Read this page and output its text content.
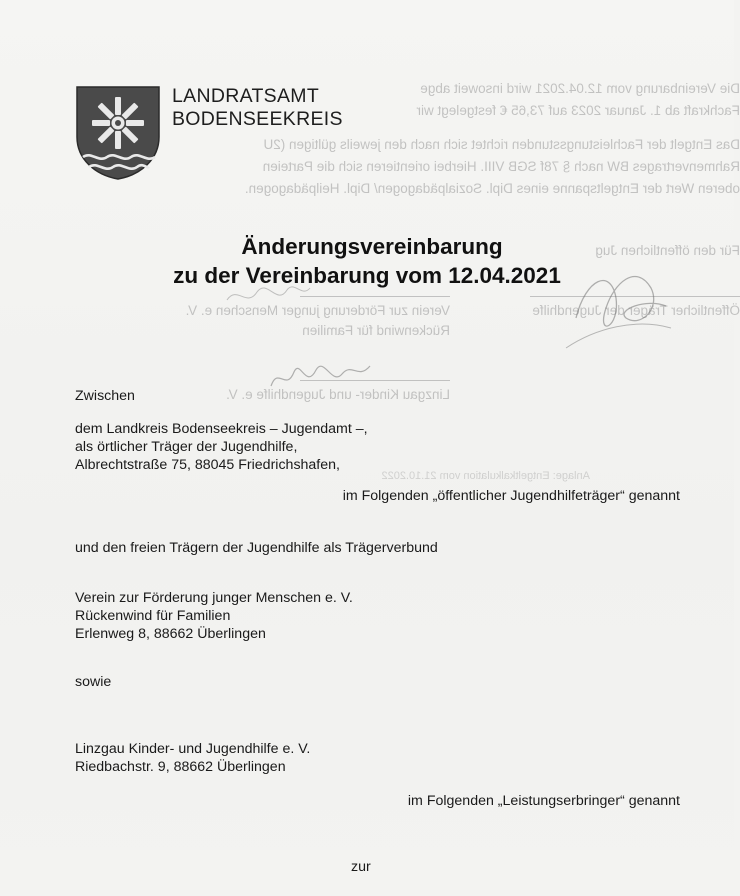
Die Vereinbarung vom 12.04.2021 wird insoweit abge
Fachkraft ab 1. Januar 2023 auf 73,65 € festgelegt wir
Das Entgelt der Fachleistungsstunden richtet sich nach den jeweils gültigen (2U
Rahmenvertrages BW nach § 78f SGB VIII. Hierbei orientieren sich die Parteien
oberen Wert der Entgeltspanne eines Dipl. Sozialpädagogen/ Dipl. Heilpädagogen.
Für den öffentlichen Jug
Öffentlicher Träger der Jugendhilfe
Verein zur Förderung junger Menschen e. V.
Rückenwind für Familien
Linzgau Kinder- und Jugendhilfe e. V.
Anlage: Entgeltkalkulation vom 21.10.2022
LANDRATSAMT
BODENSEEKREIS
Änderungsvereinbarung
zu der Vereinbarung vom 12.04.2021
Zwischen
dem Landkreis Bodenseekreis – Jugendamt –,
als örtlicher Träger der Jugendhilfe,
Albrechtstraße 75, 88045 Friedrichshafen,
im Folgenden „öffentlicher Jugendhilfeträger“ genannt
und den freien Trägern der Jugendhilfe als Trägerverbund
Verein zur Förderung junger Menschen e. V.
Rückenwind für Familien
Erlenweg 8, 88662 Überlingen
sowie
Linzgau Kinder- und Jugendhilfe e. V.
Riedbachstr. 9, 88662 Überlingen
im Folgenden „Leistungserbringer“ genannt
zur
